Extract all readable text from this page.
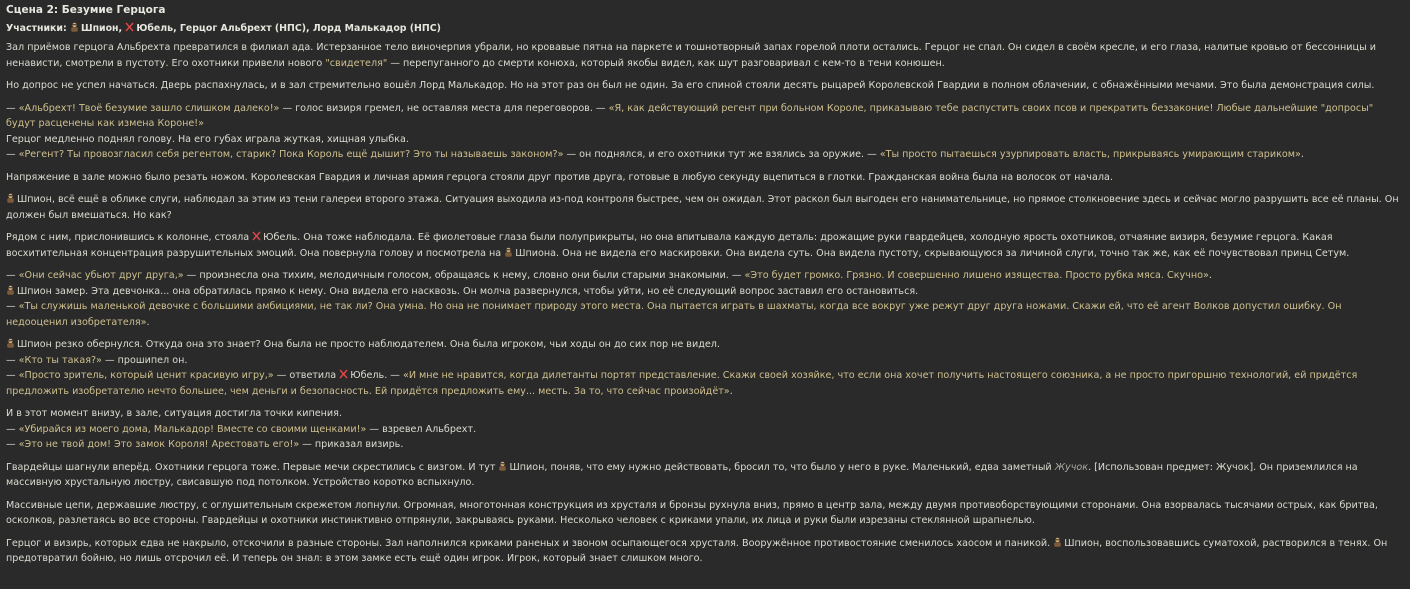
Сцена 2: Безумие Герцога
Участники: Шпион, Юбель, Герцог Альбрехт (НПС), Лорд Малькадор (НПС)

Зал приёмов герцога Альбрехта превратился в филиал ада. Истерзанное тело виночерпия убрали, но кровавые пятна на паркете и тошнотворный запах горелой плоти остались. Герцог не спал. Он сидел в своём кресле, и его глаза, налитые кровью от бессонницы и ненависти, смотрели в пустоту. Его охотники привели нового "свидетеля" — перепуганного до смерти конюха, который якобы видел, как шут разговаривал с кем-то в тени конюшен.

Но допрос не успел начаться. Дверь распахнулась, и в зал стремительно вошёл Лорд Малькадор. Но на этот раз он был не один. За его спиной стояли десять рыцарей Королевской Гвардии в полном облачении, с обнажёнными мечами. Это была демонстрация силы.

— «Альбрехт! Твоё безумие зашло слишком далеко!» — голос визиря гремел, не оставляя места для переговоров. — «Я, как действующий регент при больном Короле, приказываю тебе распустить своих псов и прекратить беззаконие! Любые дальнейшие "допросы" будут расценены как измена Короне!»
Герцог медленно поднял голову. На его губах играла жуткая, хищная улыбка.
— «Регент? Ты провозгласил себя регентом, старик? Пока Король ещё дышит? Это ты называешь законом?» — он поднялся, и его охотники тут же взялись за оружие. — «Ты просто пытаешься узурпировать власть, прикрываясь умирающим стариком».

Напряжение в зале можно было резать ножом. Королевская Гвардия и личная армия герцога стояли друг против друга, готовые в любую секунду вцепиться в глотки. Гражданская война была на волосок от начала.

Шпион, всё ещё в облике слуги, наблюдал за этим из тени галереи второго этажа. Ситуация выходила из-под контроля быстрее, чем он ожидал. Этот раскол был выгоден его нанимательнице, но прямое столкновение здесь и сейчас могло разрушить все её планы. Он должен был вмешаться. Но как?

Рядом с ним, прислонившись к колонне, стояла
Юбель. Она тоже наблюдала. Её фиолетовые глаза были полуприкрыты, но она впитывала каждую деталь: дрожащие руки гвардейцев, холодную ярость охотников, отчаяние визиря, безумие герцога. Какая восхитительная концентрация разрушительных эмоций. Она повернула голову и посмотрела на
Шпиона. Она не видела его маскировки. Она видела суть. Она видела пустоту, скрывающуюся за личиной слуги, точно так же, как её почувствовал принц Сетум.

— «Они сейчас убьют друг друга,» — произнесла она тихим, мелодичным голосом, обращаясь к нему, словно они были старыми знакомыми. — «Это будет громко. Грязно. И совершенно лишено изящества. Просто рубка мяса. Скучно».
Шпион замер. Эта девчонка... она обратилась прямо к нему. Она видела его насквозь. Он молча развернулся, чтобы уйти, но её следующий вопрос заставил его остановиться.
— «Ты служишь маленькой девочке с большими амбициями, не так ли? Она умна. Но она не понимает природу этого места. Она пытается играть в шахматы, когда все вокруг уже режут друг друга ножами. Скажи ей, что её агент Волков допустил ошибку. Он недооценил изобретателя».

Шпион резко обернулся. Откуда она это знает? Она была не просто наблюдателем. Она была игроком, чьи ходы он до сих пор не видел.
— «Кто ты такая?» — прошипел он.
— «Просто зритель, который ценит красивую игру,» — ответила
Юбель. — «И мне не нравится, когда дилетанты портят представление. Скажи своей хозяйке, что если она хочет получить настоящего союзника, а не просто пригоршню технологий, ей придётся предложить изобретателю нечто большее, чем деньги и безопасность. Ей придётся предложить ему... месть. За то, что сейчас произойдёт».

И в этот момент внизу, в зале, ситуация достигла точки кипения.
— «Убирайся из моего дома, Малькадор! Вместе со своими щенками!» — взревел Альбрехт.
— «Это не твой дом! Это замок Короля! Арестовать его!» — приказал визирь.

Гвардейцы шагнули вперёд. Охотники герцога тоже. Первые мечи скрестились с визгом. И тут
Шпион, поняв, что ему нужно действовать, бросил то, что было у него в руке. Маленький, едва заметный Жучок. [Использован предмет: Жучок]. Он приземлился на массивную хрустальную люстру, свисавшую под потолком. Устройство коротко вспыхнуло.

Массивные цепи, державшие люстру, с оглушительным скрежетом лопнули. Огромная, многотонная конструкция из хрусталя и бронзы рухнула вниз, прямо в центр зала, между двумя противоборствующими сторонами. Она взорвалась тысячами острых, как бритва, осколков, разлетаясь во все стороны. Гвардейцы и охотники инстинктивно отпрянули, закрываясь руками. Несколько человек с криками упали, их лица и руки были изрезаны стеклянной шрапнелью.

Герцог и визирь, которых едва не накрыло, отскочили в разные стороны. Зал наполнился криками раненых и звоном осыпающегося хрусталя. Вооружённое противостояние сменилось хаосом и паникой.
Шпион, воспользовавшись суматохой, растворился в тенях. Он предотвратил бойню, но лишь отсрочил её. И теперь он знал: в этом замке есть ещё один игрок. Игрок, который знает слишком много.
